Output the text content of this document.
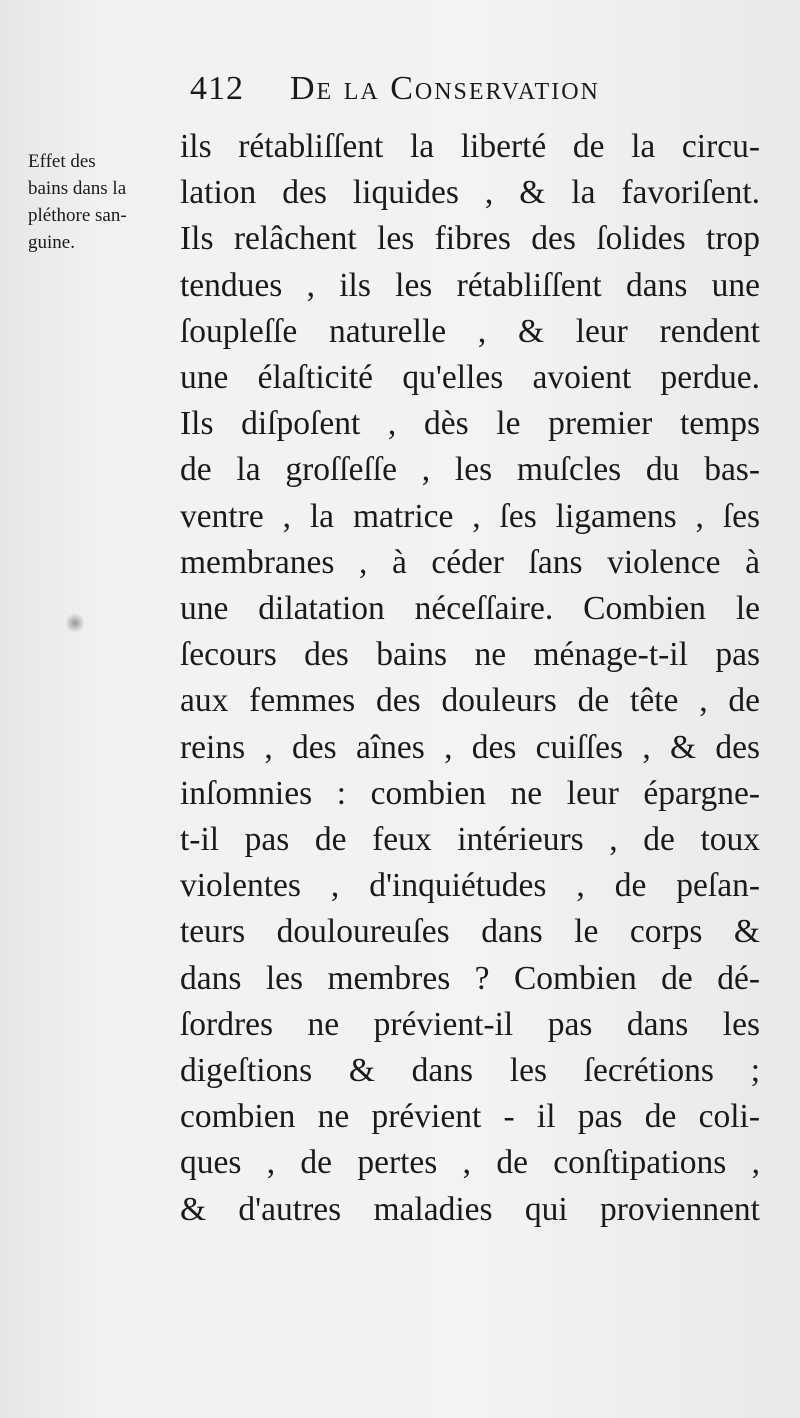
412 De la Conservation
Effet des
bains dans la
pléthore san-
guine.
ils rétabliſſent la liberté de la circu-
lation des liquides , & la favoriſent.
Ils relâchent les fibres des ſolides trop
tendues , ils les rétabliſſent dans une
ſoupleſſe naturelle , & leur rendent
une élaſticité qu'elles avoient perdue.
Ils diſpoſent , dès le premier temps
de la groſſeſſe , les muſcles du bas-
ventre , la matrice , ſes ligamens , ſes
membranes , à céder ſans violence à
une dilatation néceſſaire. Combien le
ſecours des bains ne ménage-t-il pas
aux femmes des douleurs de tête , de
reins , des aînes , des cuiſſes , & des
inſomnies : combien ne leur épargne-
t-il pas de feux intérieurs , de toux
violentes , d'inquiétudes , de peſan-
teurs douloureuſes dans le corps &
dans les membres ? Combien de dé-
ſordres ne prévient-il pas dans les
digeſtions & dans les ſecrétions ;
combien ne prévient - il pas de coli-
ques , de pertes , de conſtipations ,
& d'autres maladies qui proviennent
